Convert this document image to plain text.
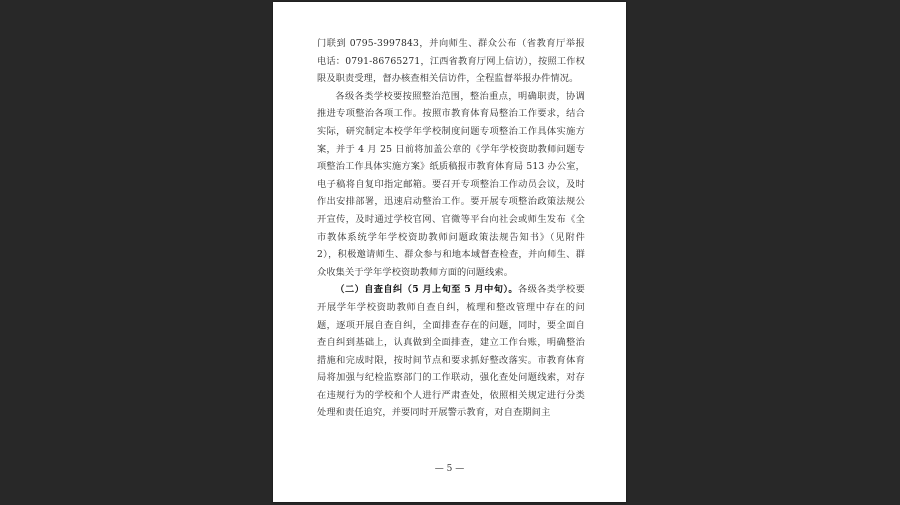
门联到 0795-3997843，并向师生、群众公布（省教育厅举报电话：0791-86765271，江西省教育厅网上信访），按照工作权限及职责受理，督办核查相关信访件，全程监督举报办件情况。

各级各类学校要按照整治范围，整治重点，明确职责，协调推进专项整治各项工作。按照市教育体育局整治工作要求，结合实际，研究制定本校学年学校制度问题专项整治工作具体实施方案，并于 4 月 25 日前将加盖公章的《学年学校资助教师问题专项整治工作具体实施方案》纸质稿报市教育体育局 513 办公室，电子稿将自复印指定邮箱。要召开专项整治工作动员会议，及时作出安排部署，迅速启动整治工作。要开展专项整治政策法规公开宣传，及时通过学校官网、官微等平台向社会或师生发布《全市教体系统学年学校资助教师问题政策法规告知书》（见附件 2），积极邀请师生、群众参与和地本域督查检查，并向师生、群众收集关于学年学校资助教师方面的问题线索。

（二）自查自纠（5 月上旬至 5 月中旬）。各级各类学校要开展学年学校资助教师自查自纠，梳理和整改管理中存在的问题，逐项开展自查自纠，全面排查存在的问题，同时，要全面自查自纠到基础上，认真做到全面排查，建立工作台账，明确整治措施和完成时限，按时间节点和要求抓好整改落实。市教育体育局将加强与纪检监察部门的工作联动，强化查处问题线索，对存在违规行为的学校和个人进行严肃查处，依照相关规定进行分类处理和责任追究，并要同时开展警示教育，对自查期间主

— 5 —
